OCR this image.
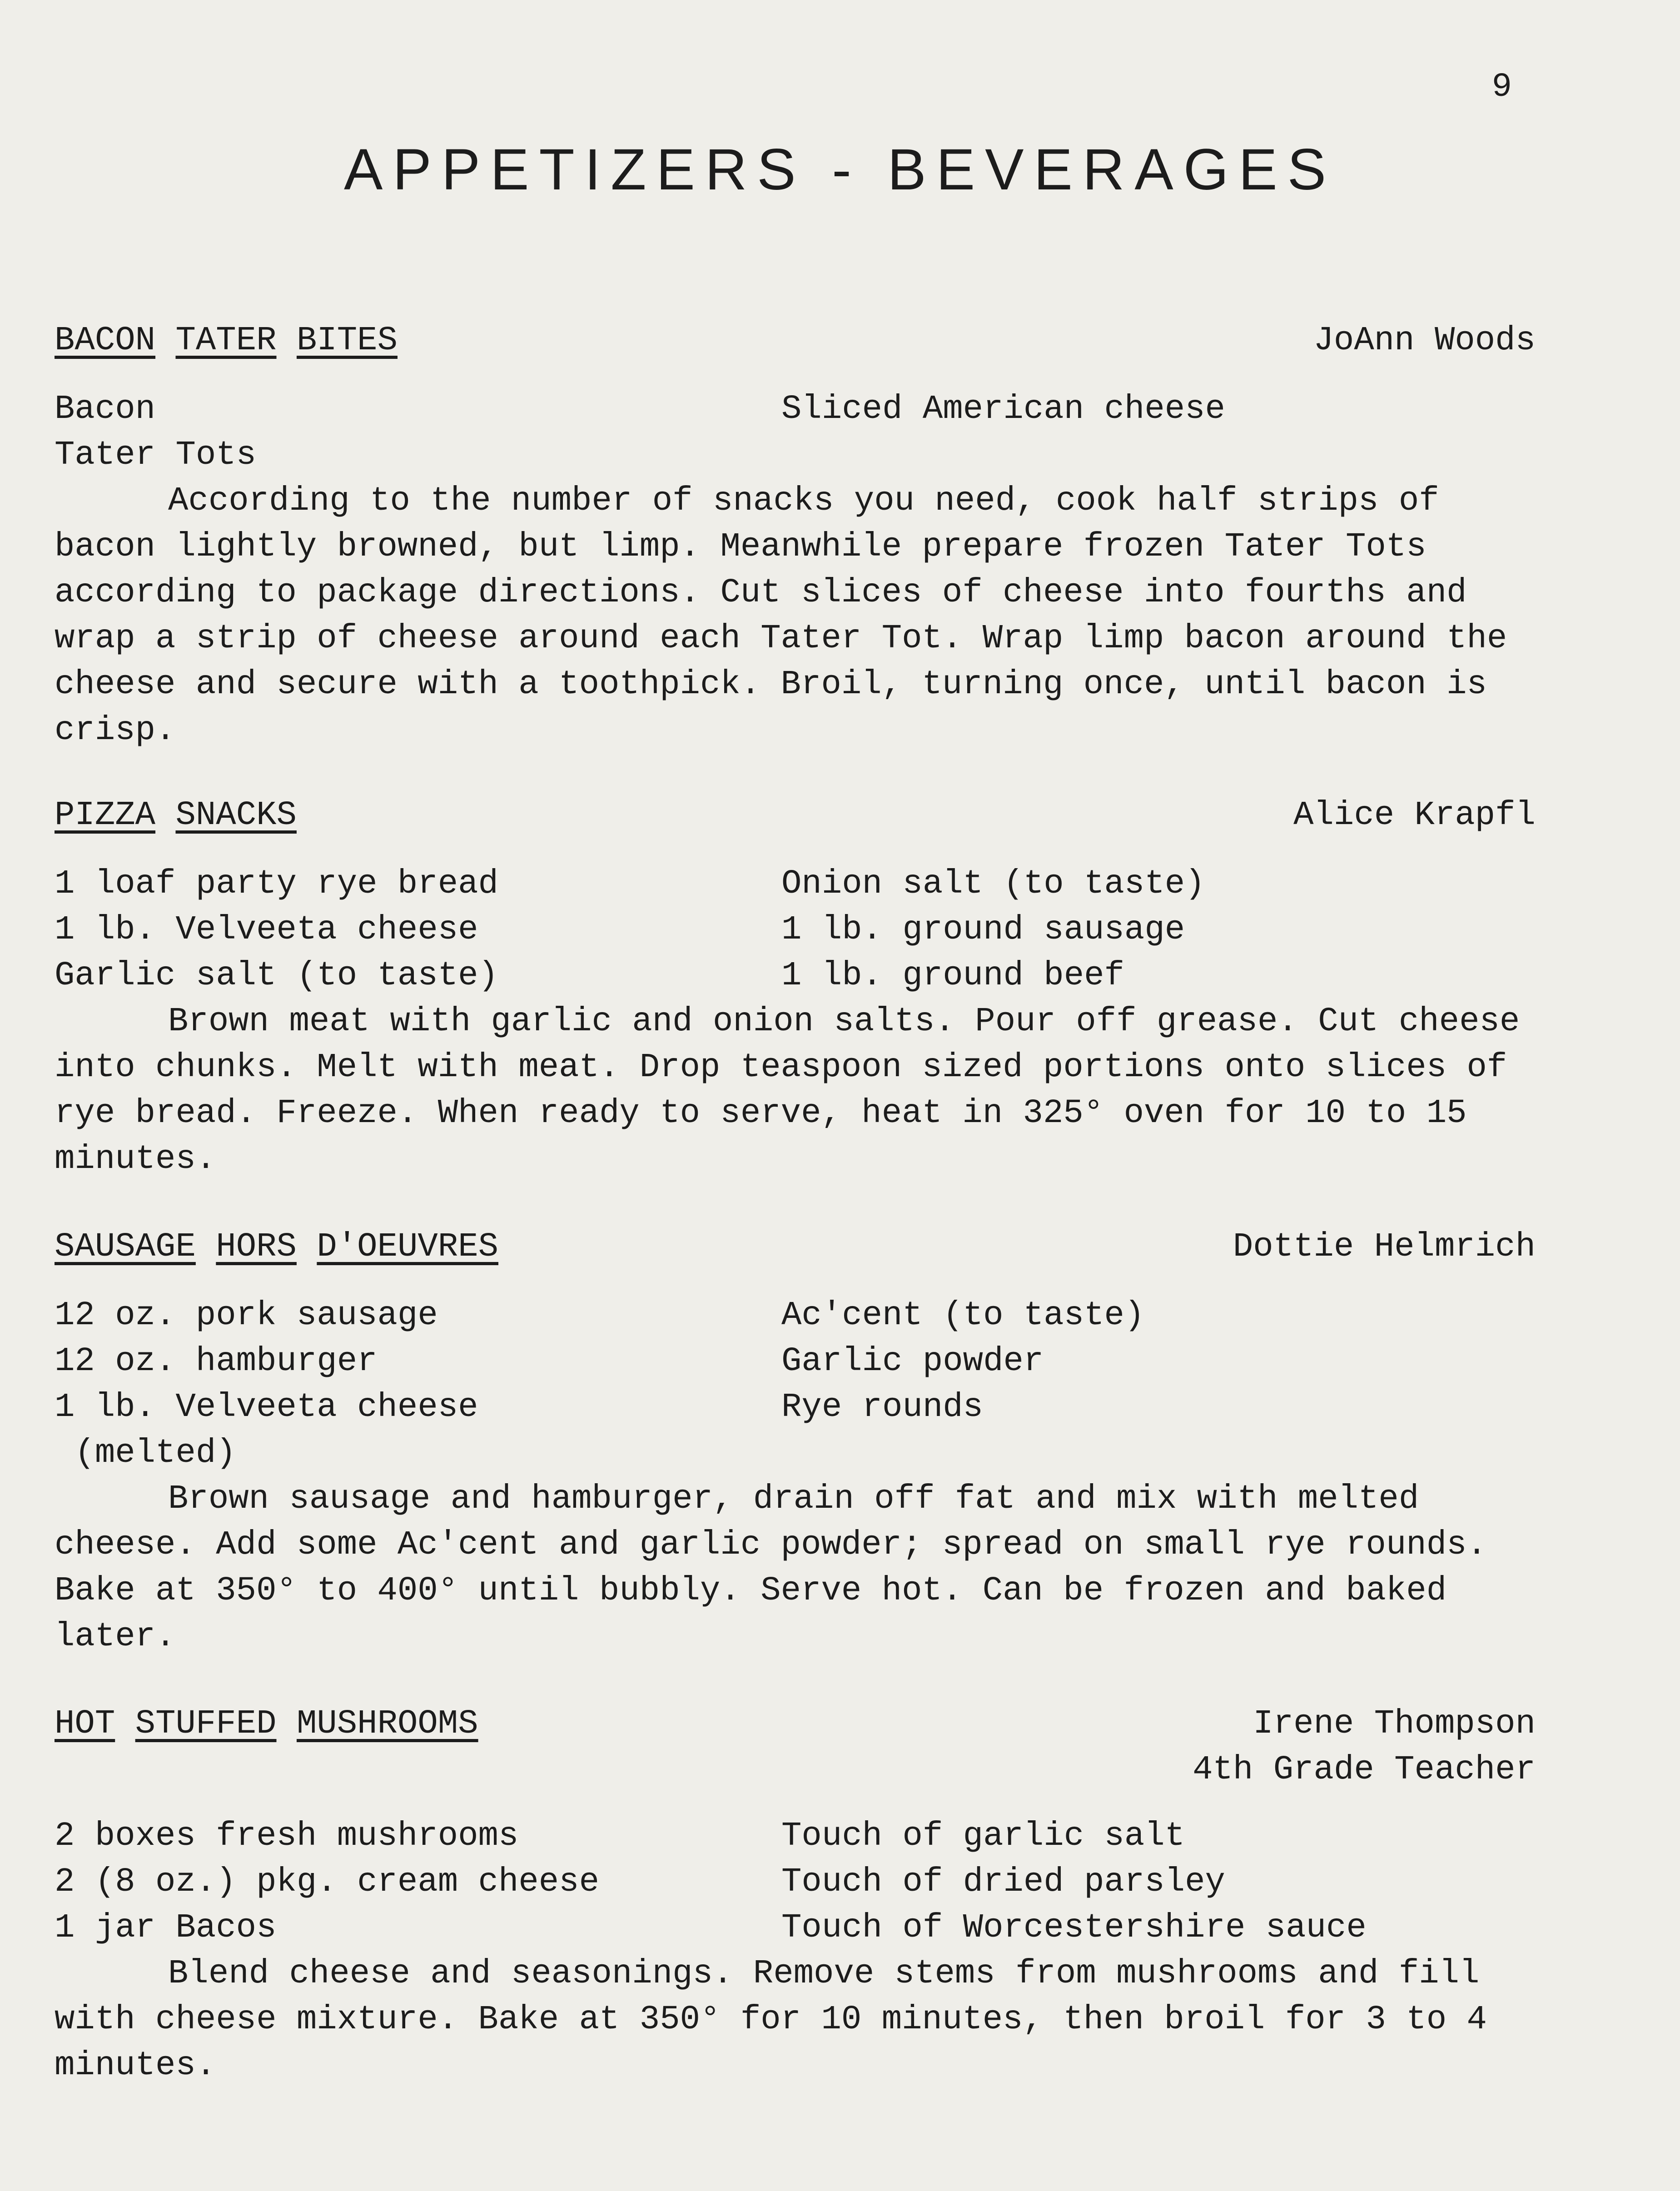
9
APPETIZERS - BEVERAGES
BACON TATER BITES	JoAnn Woods
Bacon	Sliced American cheese
Tater Tots
According to the number of snacks you need, cook half strips of bacon lightly browned, but limp. Meanwhile prepare frozen Tater Tots according to package directions. Cut slices of cheese into fourths and wrap a strip of cheese around each Tater Tot. Wrap limp bacon around the cheese and secure with a toothpick. Broil, turning once, until bacon is crisp.
PIZZA SNACKS	Alice Krapfl
1 loaf party rye bread	Onion salt (to taste)
1 lb. Velveeta cheese	1 lb. ground sausage
Garlic salt (to taste)	1 lb. ground beef
Brown meat with garlic and onion salts. Pour off grease. Cut cheese into chunks. Melt with meat. Drop teaspoon sized portions onto slices of rye bread. Freeze. When ready to serve, heat in 325° oven for 10 to 15 minutes.
SAUSAGE HORS D'OEUVRES	Dottie Helmrich
12 oz. pork sausage	Ac'cent (to taste)
12 oz. hamburger	Garlic powder
1 lb. Velveeta cheese	Rye rounds
(melted)
Brown sausage and hamburger, drain off fat and mix with melted cheese. Add some Ac'cent and garlic powder; spread on small rye rounds. Bake at 350° to 400° until bubbly. Serve hot. Can be frozen and baked later.
HOT STUFFED MUSHROOMS	Irene Thompson
4th Grade Teacher
2 boxes fresh mushrooms	Touch of garlic salt
2 (8 oz.) pkg. cream cheese	Touch of dried parsley
1 jar Bacos	Touch of Worcestershire sauce
Blend cheese and seasonings. Remove stems from mushrooms and fill with cheese mixture. Bake at 350° for 10 minutes, then broil for 3 to 4 minutes.
